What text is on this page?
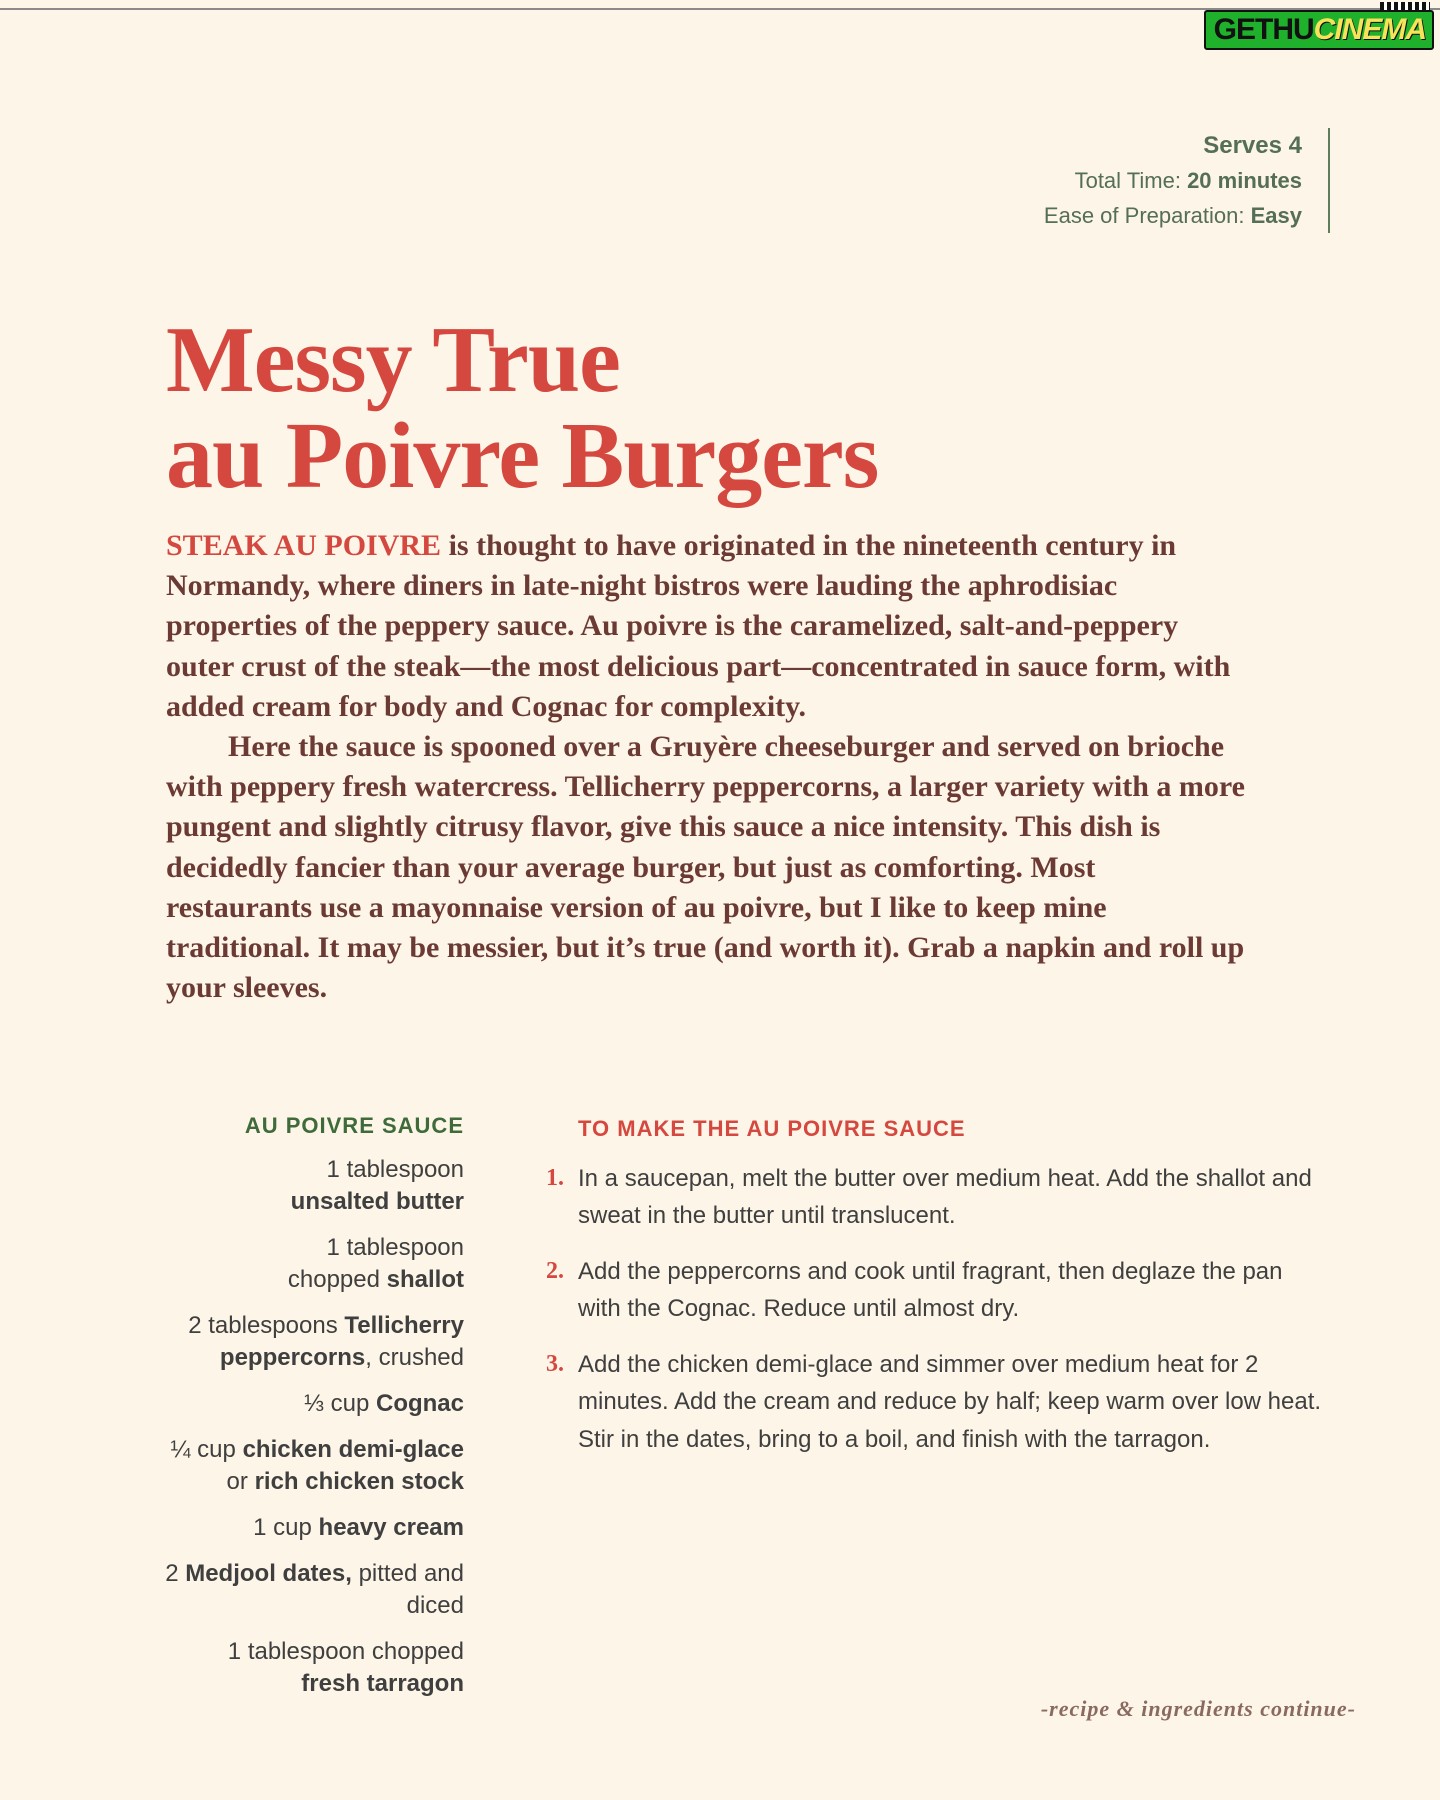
GETHU CINEMA
Serves 4
Total Time: 20 minutes
Ease of Preparation: Easy
Messy True
au Poivre Burgers

STEAK AU POIVRE is thought to have originated in the nineteenth century in Normandy, where diners in late-night bistros were lauding the aphrodisiac properties of the peppery sauce. Au poivre is the caramelized, salt-and-peppery outer crust of the steak—the most delicious part—concentrated in sauce form, with added cream for body and Cognac for complexity.

Here the sauce is spooned over a Gruyère cheeseburger and served on brioche with peppery fresh watercress. Tellicherry peppercorns, a larger variety with a more pungent and slightly citrusy flavor, give this sauce a nice intensity. This dish is decidedly fancier than your average burger, but just as comforting. Most restaurants use a mayonnaise version of au poivre, but I like to keep mine traditional. It may be messier, but it’s true (and worth it). Grab a napkin and roll up your sleeves.

AU POIVRE SAUCE
1 tablespoon
unsalted butter
1 tablespoon
chopped shallot
2 tablespoons Tellicherry peppercorns, crushed
⅓ cup Cognac
¼ cup chicken demi-glace or rich chicken stock
1 cup heavy cream
2 Medjool dates, pitted and diced
1 tablespoon chopped
fresh tarragon
TO MAKE THE AU POIVRE SAUCE
1. In a saucepan, melt the butter over medium heat. Add the shallot and sweat in the butter until translucent.
2. Add the peppercorns and cook until fragrant, then deglaze the pan with the Cognac. Reduce until almost dry.
3. Add the chicken demi-glace and simmer over medium heat for 2 minutes. Add the cream and reduce by half; keep warm over low heat. Stir in the dates, bring to a boil, and finish with the tarragon.
-recipe & ingredients continue-
